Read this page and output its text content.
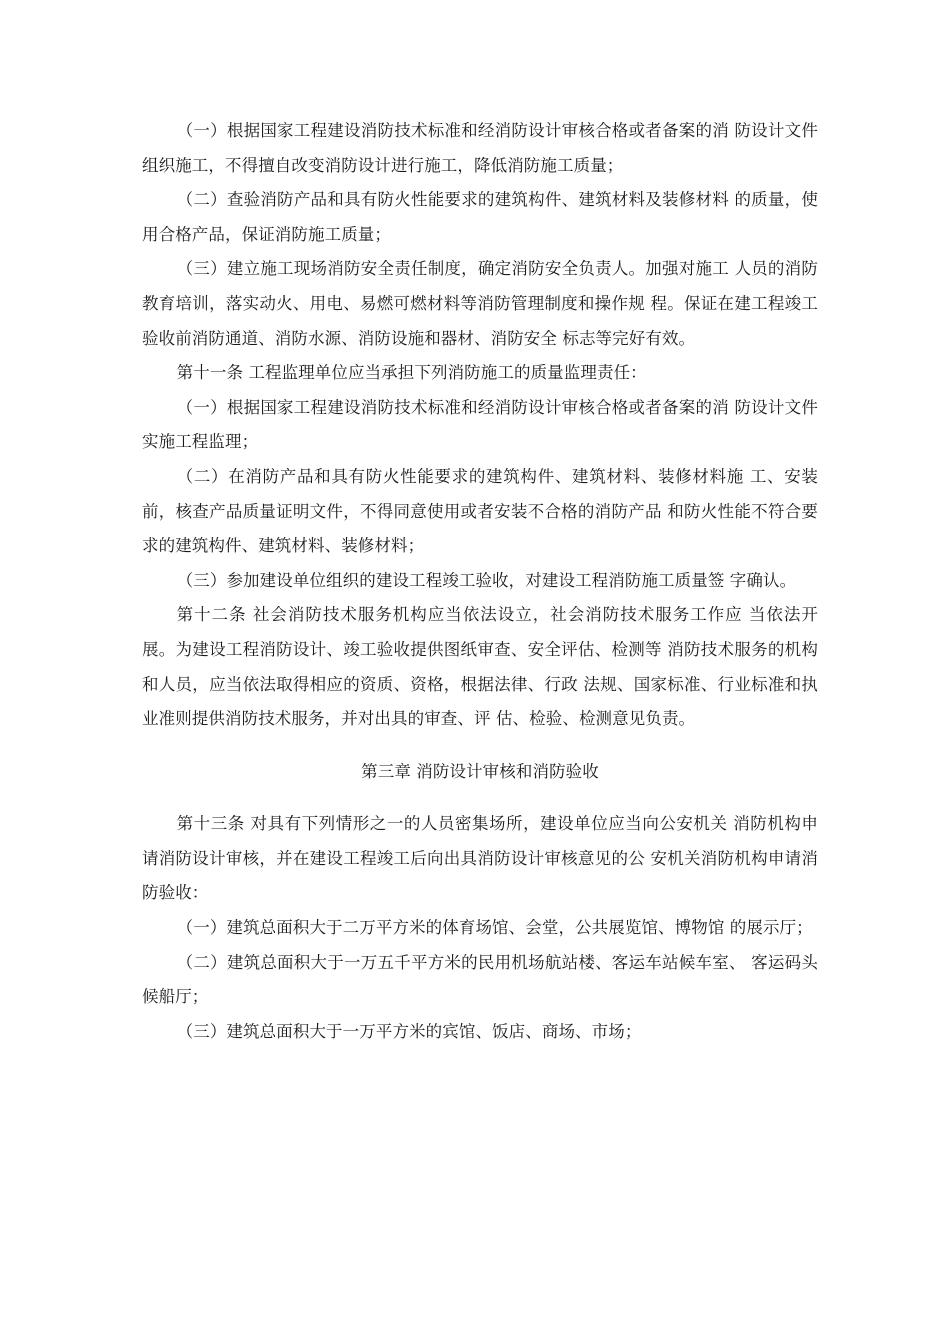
（一）根据国家工程建设消防技术标准和经消防设计审核合格或者备案的消 防设计文件组织施工，不得擅自改变消防设计进行施工，降低消防施工质量；

（二）查验消防产品和具有防火性能要求的建筑构件、建筑材料及装修材料 的质量，使用合格产品，保证消防施工质量；

（三）建立施工现场消防安全责任制度，确定消防安全负责人。加强对施工 人员的消防教育培训，落实动火、用电、易燃可燃材料等消防管理制度和操作规 程。保证在建工程竣工验收前消防通道、消防水源、消防设施和器材、消防安全 标志等完好有效。

第十一条 工程监理单位应当承担下列消防施工的质量监理责任：

（一）根据国家工程建设消防技术标准和经消防设计审核合格或者备案的消 防设计文件实施工程监理；

（二）在消防产品和具有防火性能要求的建筑构件、建筑材料、装修材料施 工、安装前，核查产品质量证明文件，不得同意使用或者安装不合格的消防产品 和防火性能不符合要求的建筑构件、建筑材料、装修材料；

（三）参加建设单位组织的建设工程竣工验收，对建设工程消防施工质量签 字确认。

第十二条 社会消防技术服务机构应当依法设立，社会消防技术服务工作应 当依法开展。为建设工程消防设计、竣工验收提供图纸审查、安全评估、检测等 消防技术服务的机构和人员，应当依法取得相应的资质、资格，根据法律、行政 法规、国家标准、行业标准和执业准则提供消防技术服务，并对出具的审查、评 估、检验、检测意见负责。

第三章 消防设计审核和消防验收

第十三条 对具有下列情形之一的人员密集场所，建设单位应当向公安机关 消防机构申请消防设计审核，并在建设工程竣工后向出具消防设计审核意见的公 安机关消防机构申请消防验收：

（一）建筑总面积大于二万平方米的体育场馆、会堂，公共展览馆、博物馆 的展示厅；

（二）建筑总面积大于一万五千平方米的民用机场航站楼、客运车站候车室、 客运码头候船厅；

（三）建筑总面积大于一万平方米的宾馆、饭店、商场、市场；
